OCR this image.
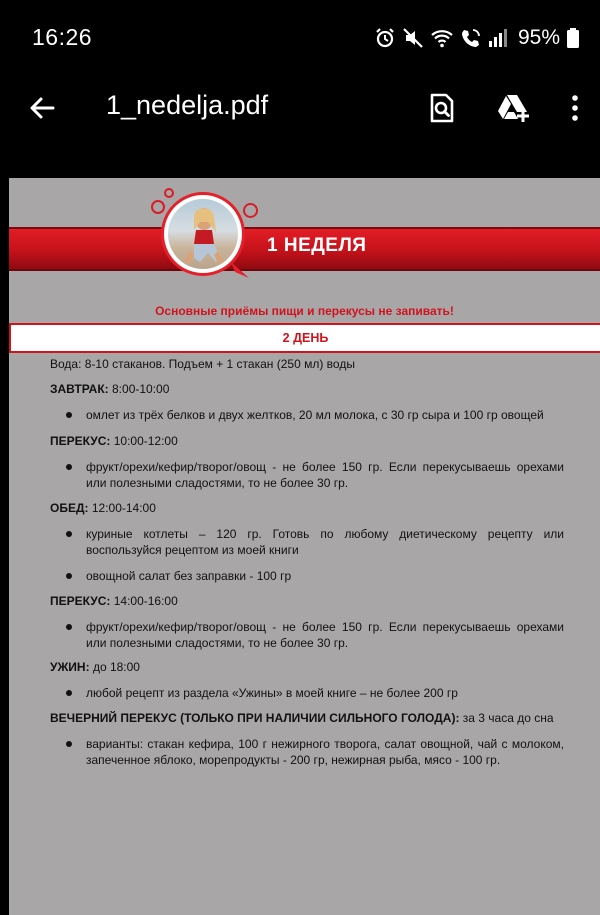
16:26	95%
1_nedelja.pdf
1 НЕДЕЛЯ
Основные приёмы пищи и перекусы не запивать!
2 ДЕНЬ
Вода: 8-10 стаканов. Подъем + 1 стакан (250 мл) воды
ЗАВТРАК: 8:00-10:00
омлет из трёх белков и двух желтков, 20 мл молока, с 30 гр сыра и 100 гр овощей
ПЕРЕКУС: 10:00-12:00
фрукт/орехи/кефир/творог/овощ - не более 150 гр. Если перекусываешь орехами или полезными сладостями, то не более 30 гр.
ОБЕД: 12:00-14:00
куриные котлеты – 120 гр. Готовь по любому диетическому рецепту или воспользуйся рецептом из моей книги
овощной салат без заправки - 100 гр
ПЕРЕКУС: 14:00-16:00
фрукт/орехи/кефир/творог/овощ - не более 150 гр. Если перекусываешь орехами или полезными сладостями, то не более 30 гр.
УЖИН: до 18:00
любой рецепт из раздела «Ужины» в моей книге – не более 200 гр
ВЕЧЕРНИЙ ПЕРЕКУС (ТОЛЬКО ПРИ НАЛИЧИИ СИЛЬНОГО ГОЛОДА): за 3 часа до сна
варианты: стакан кефира, 100 г нежирного творога, салат овощной, чай с молоком, запеченное яблоко, морепродукты - 200 гр, нежирная рыба, мясо - 100 гр.
